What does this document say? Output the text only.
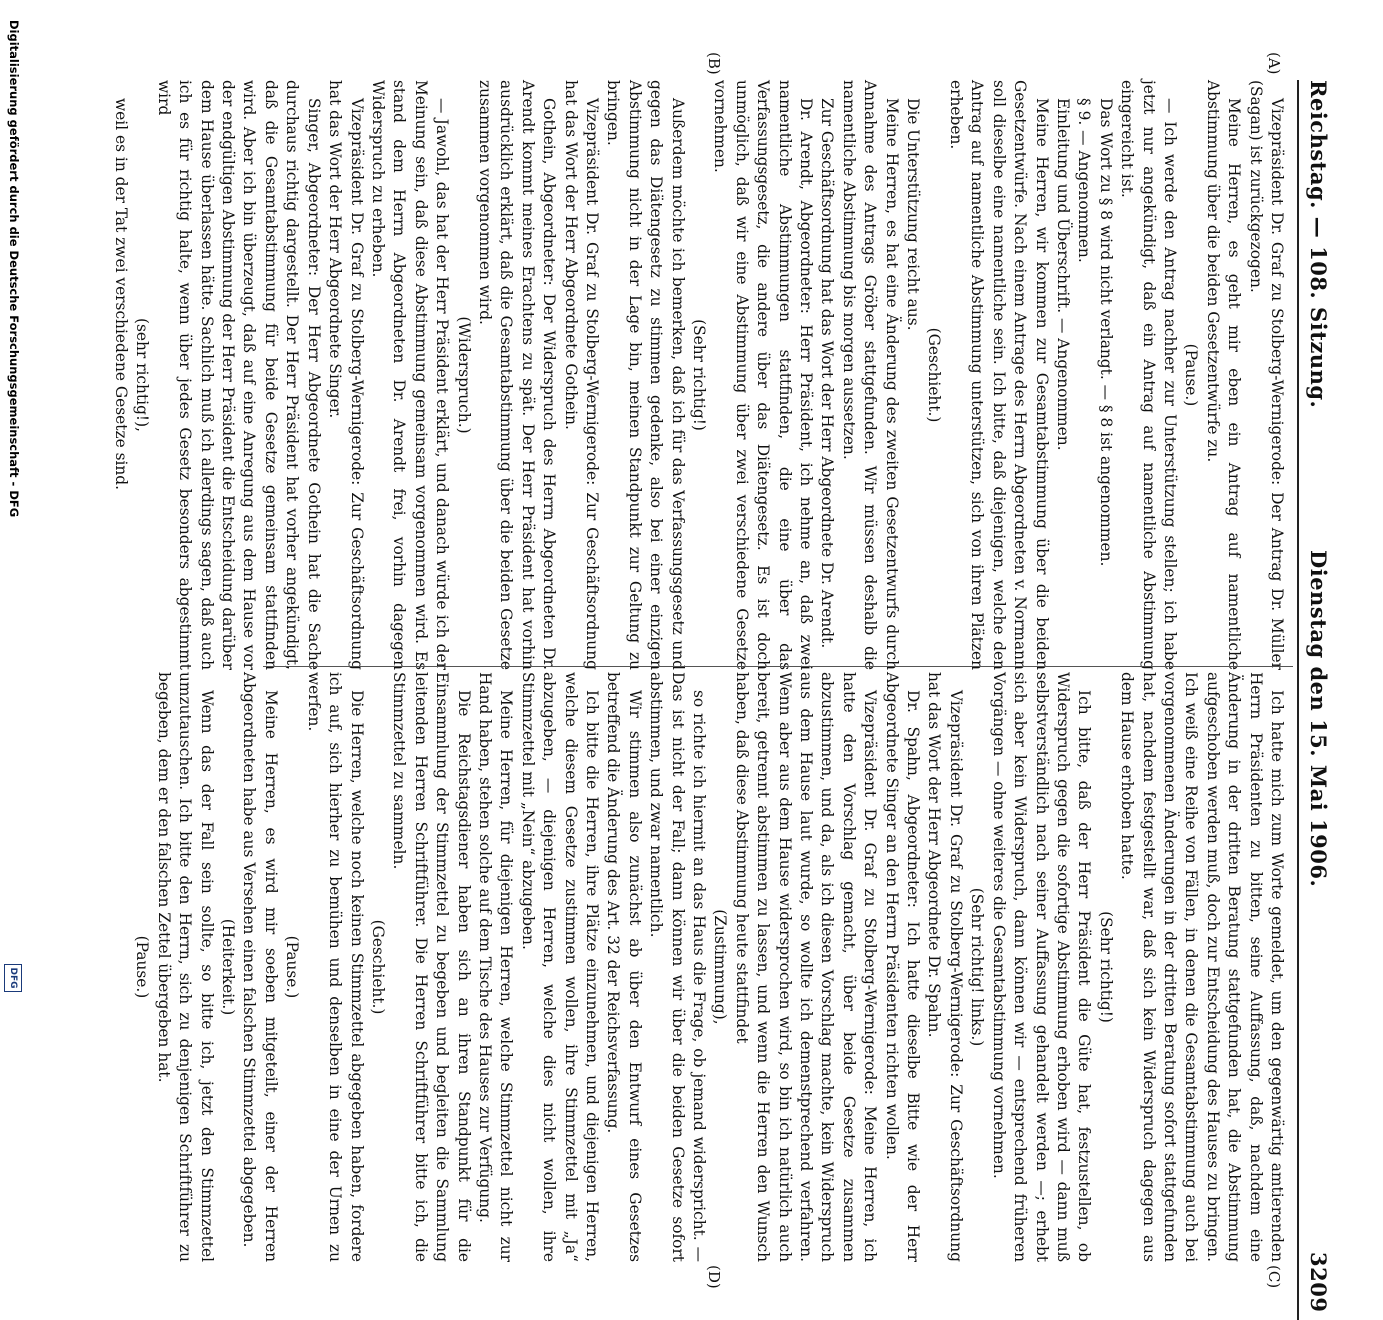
Reichstag. — 108. Sitzung.
Dienstag den 15. Mai 1906.
3209
(A)
(B)
(C)
(D)

Vizepräsident Dr. Graf zu Stolberg-Wernigerode: Der Antrag Dr. Müller (Sagan) ist zurückgezogen.

Meine Herren, es geht mir eben ein Antrag auf namentliche Abstimmung über die beiden Gesetzentwürfe zu.

(Pause.)

— Ich werde den Antrag nachher zur Unterstützung stellen; ich habe jetzt nur angekündigt, daß ein Antrag auf namentliche Abstimmung eingereicht ist.

Das Wort zu § 8 wird nicht verlangt. — § 8 ist angenommen.

§ 9. — Angenommen.

Einleitung und Überschrift. — Angenommen.

Meine Herren, wir kommen zur Gesamtabstimmung über die beiden Gesetzentwürfe. Nach einem Antrage des Herrn Abgeordneten v. Normann soll dieselbe eine namentliche sein. Ich bitte, daß diejenigen, welche den Antrag auf namentliche Abstimmung unterstützen, sich von ihren Plätzen erheben.

(Geschieht.)

Die Unterstützung reicht aus.

Meine Herren, es hat eine Änderung des zweiten Gesetzentwurfs durch Annahme des Antrags Gröber stattgefunden. Wir müssen deshalb die namentliche Abstimmung bis morgen aussetzen.

Zur Geschäftsordnung hat das Wort der Herr Abgeordnete Dr. Arendt.

Dr. Arendt, Abgeordneter: Herr Präsident, ich nehme an, daß zwei namentliche Abstimmungen stattfinden, die eine über das Verfassungsgesetz, die andere über das Diätengesetz. Es ist doch unmöglich, daß wir eine Abstimmung über zwei verschiedene Gesetze vornehmen.

(Sehr richtig!)

Außerdem möchte ich bemerken, daß ich für das Verfassungsgesetz und gegen das Diätengesetz zu stimmen gedenke, also bei einer einzigen Abstimmung nicht in der Lage bin, meinen Standpunkt zur Geltung zu bringen.

Vizepräsident Dr. Graf zu Stolberg-Wernigerode: Zur Geschäftsordnung hat das Wort der Herr Abgeordnete Gothein.

Gothein, Abgeordneter: Der Widerspruch des Herrn Abgeordneten Dr. Arendt kommt meines Erachtens zu spät. Der Herr Präsident hat vorhin ausdrücklich erklärt, daß die Gesamtabstimmung über die beiden Gesetze zusammen vorgenommen wird.

(Widerspruch.)

— Jawohl, das hat der Herr Präsident erklärt, und danach würde ich der Meinung sein, daß diese Abstimmung gemeinsam vorgenommen wird. Es stand dem Herrn Abgeordneten Dr. Arendt frei, vorhin dagegen Widerspruch zu erheben.

Vizepräsident Dr. Graf zu Stolberg-Wernigerode: Zur Geschäftsordnung hat das Wort der Herr Abgeordnete Singer.

Singer, Abgeordneter: Der Herr Abgeordnete Gothein hat die Sache durchaus richtig dargestellt. Der Herr Präsident hat vorher angekündigt, daß die Gesamtabstimmung für beide Gesetze gemeinsam stattfinden wird. Aber ich bin überzeugt, daß auf eine Anregung aus dem Hause vor der endgültigen Abstimmung der Herr Präsident die Entscheidung darüber dem Hause überlassen hätte. Sachlich muß ich allerdings sagen, daß auch ich es für richtig halte, wenn über jedes Gesetz besonders abgestimmt wird

(sehr richtig!),

weil es in der Tat zwei verschiedene Gesetze sind.

Ich hatte mich zum Worte gemeldet, um den gegenwärtig amtierenden Herrn Präsidenten zu bitten, seine Auffassung, daß, nachdem eine Änderung in der dritten Beratung stattgefunden hat, die Abstimmung aufgeschoben werden muß, doch zur Entscheidung des Hauses zu bringen. Ich weiß eine Reihe von Fällen, in denen die Gesamtabstimmung auch bei vorgenommenen Änderungen in der dritten Beratung sofort stattgefunden hat, nachdem festgestellt war, daß sich kein Widerspruch dagegen aus dem Hause erhoben hatte.

(Sehr richtig!)

Ich bitte, daß der Herr Präsident die Güte hat, festzustellen, ob Widerspruch gegen die sofortige Abstimmung erhoben wird — dann muß selbstverständlich nach seiner Auffassung gehandelt werden —; erhebt sich aber kein Widerspruch, dann können wir — entsprechend früheren Vorgängen — ohne weiteres die Gesamtabstimmung vornehmen.

(Sehr richtig! links.)

Vizepräsident Dr. Graf zu Stolberg-Wernigerode: Zur Geschäftsordnung hat das Wort der Herr Abgeordnete Dr. Spahn.

Dr. Spahn, Abgeordneter: Ich hatte dieselbe Bitte wie der Herr Abgeordnete Singer an den Herrn Präsidenten richten wollen.

Vizepräsident Dr. Graf zu Stolberg-Wernigerode: Meine Herren, ich hatte den Vorschlag gemacht, über beide Gesetze zusammen abzustimmen, und da, als ich diesen Vorschlag machte, kein Widerspruch aus dem Hause laut wurde, so wollte ich demenstprechend verfahren. Wenn aber aus dem Hause widersprochen wird, so bin ich natürlich auch bereit, getrennt abstimmen zu lassen, und wenn die Herren den Wunsch haben, daß diese Abstimmung heute stattfindet

(Zustimmung),

so richte ich hiermit an das Haus die Frage, ob jemand widerspricht. — Das ist nicht der Fall; dann können wir über die beiden Gesetze sofort abstimmen, und zwar namentlich.

Wir stimmen also zunächst ab über den Entwurf eines Gesetzes betreffend die Änderung des Art. 32 der Reichsverfassung.

Ich bitte die Herren, ihre Plätze einzunehmen, und diejenigen Herren, welche diesem Gesetze zustimmen wollen, ihre Stimmzettel mit „Ja“ abzugeben, — diejenigen Herren, welche dies nicht wollen, ihre Stimmzettel mit „Nein“ abzugeben.

Meine Herren, für diejenigen Herren, welche Stimmzettel nicht zur Hand haben, stehen solche auf dem Tische des Hauses zur Verfügung.

Die Reichstagsdiener haben sich an ihren Standpunkt für die Einsammlung der Stimmzettel zu begeben und begleiten die Sammlung leitenden Herren Schriftführer. Die Herren Schriftführer bitte ich, die Stimmzettel zu sammeln.

(Geschieht.)

Die Herren, welche noch keinen Stimmzettel abgegeben haben, fordere ich auf, sich hierher zu bemühen und denselben in eine der Urnen zu werfen.

(Pause.)

Meine Herren, es wird mir soeben mitgeteilt, einer der Herren Abgeordneten habe aus Versehen einen falschen Stimmzettel abgegeben.

(Heiterkeit.)

Wenn das der Fall sein sollte, so bitte ich, jetzt den Stimmzettel umzutauschen. Ich bitte den Herrn, sich zu denjenigen Schriftführer zu begeben, dem er den falschen Zettel übergeben hat.

(Pause.)

Digitalisierung gefördert durch die Deutsche Forschungsgemeinschaft - DFG
DFG
